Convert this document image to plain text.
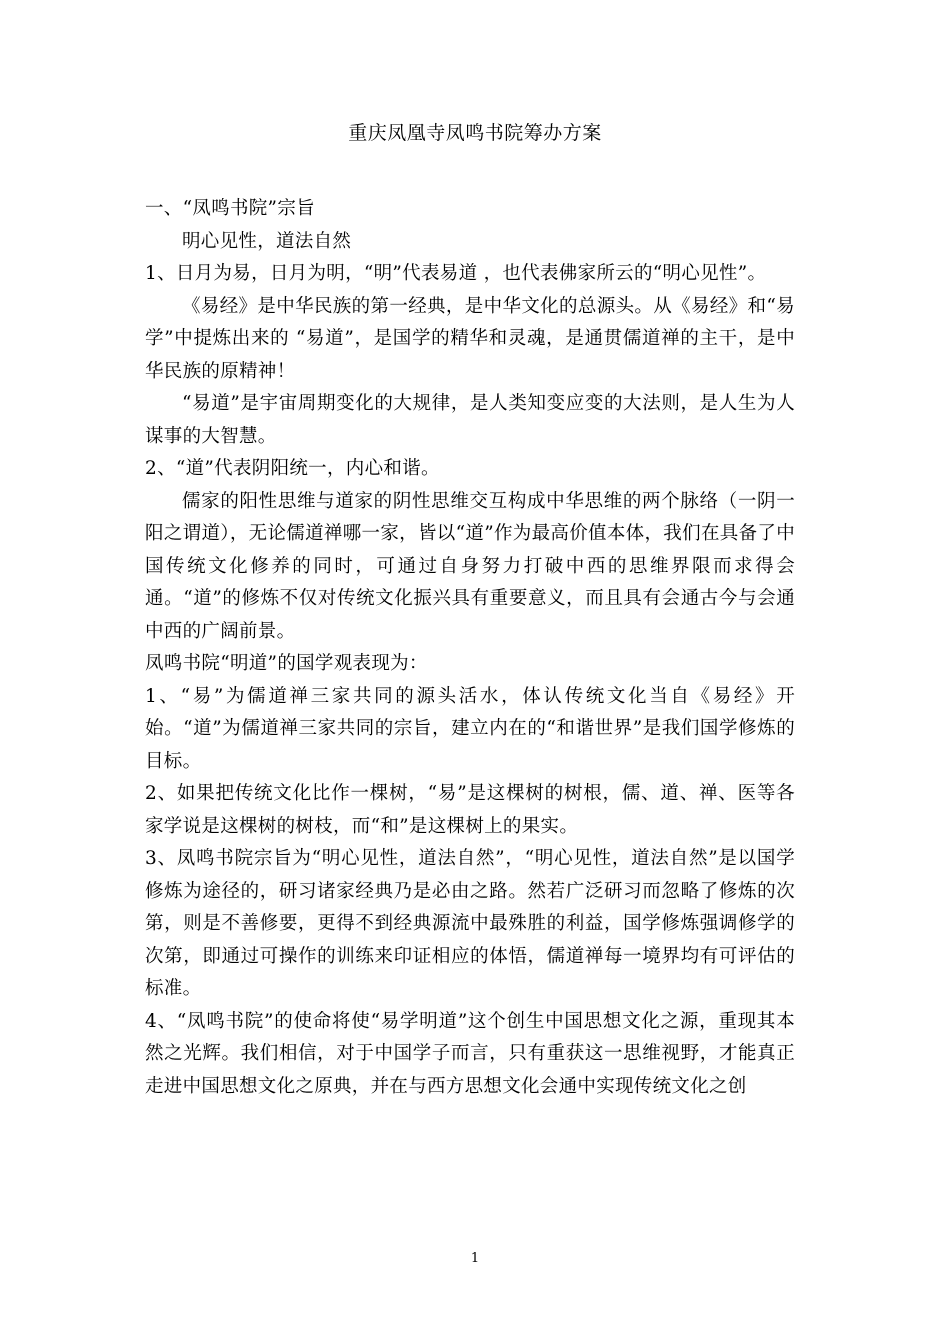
重庆凤凰寺凤鸣书院筹办方案

一、“凤鸣书院”宗旨

明心见性，道法自然

1、日月为易，日月为明，“明”代表易道 ，也代表佛家所云的“明心见性”。

《易经》是中华民族的第一经典，是中华文化的总源头。从《易经》和“易学”中提炼出来的 “易道”，是国学的精华和灵魂，是通贯儒道禅的主干，是中华民族的原精神！

“易道”是宇宙周期变化的大规律，是人类知变应变的大法则，是人生为人谋事的大智慧。

2、“道”代表阴阳统一，内心和谐。

儒家的阳性思维与道家的阴性思维交互构成中华思维的两个脉络（一阴一阳之谓道），无论儒道禅哪一家，皆以“道”作为最高价值本体，我们在具备了中国传统文化修养的同时，可通过自身努力打破中西的思维界限而求得会通。“道”的修炼不仅对传统文化振兴具有重要意义，而且具有会通古今与会通中西的广阔前景。

凤鸣书院“明道”的国学观表现为：

1、“易”为儒道禅三家共同的源头活水，体认传统文化当自《易经》开始。“道”为儒道禅三家共同的宗旨，建立内在的“和谐世界”是我们国学修炼的目标。

2、如果把传统文化比作一棵树，“易”是这棵树的树根，儒、道、禅、医等各家学说是这棵树的树枝，而“和”是这棵树上的果实。

3、凤鸣书院宗旨为“明心见性，道法自然”，“明心见性，道法自然”是以国学修炼为途径的，研习诸家经典乃是必由之路。然若广泛研习而忽略了修炼的次第，则是不善修要，更得不到经典源流中最殊胜的利益，国学修炼强调修学的次第，即通过可操作的训练来印证相应的体悟，儒道禅每一境界均有可评估的标准。

4、“凤鸣书院”的使命将使“易学明道”这个创生中国思想文化之源，重现其本然之光辉。我们相信，对于中国学子而言，只有重获这一思维视野，才能真正走进中国思想文化之原典，并在与西方思想文化会通中实现传统文化之创

1
